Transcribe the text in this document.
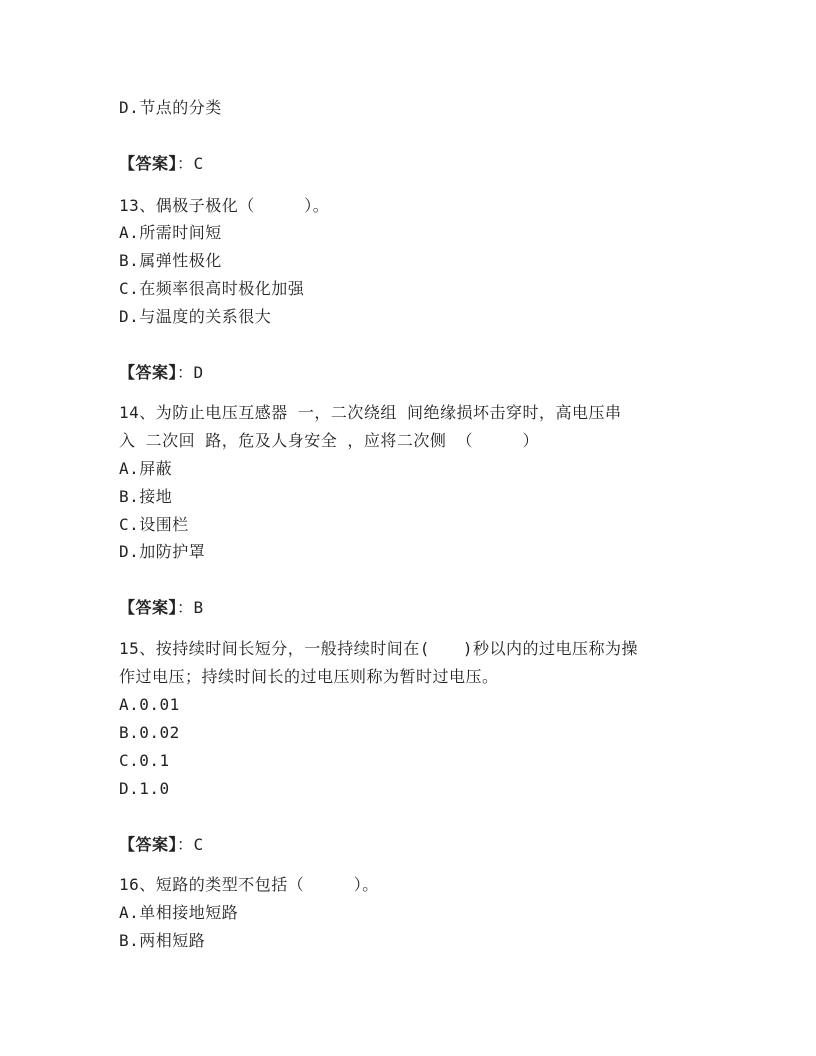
D.节点的分类
【答案】：C
13、偶极子极化（　　　）。
A.所需时间短
B.属弹性极化
C.在频率很高时极化加强
D.与温度的关系很大
【答案】：D
14、为防止电压互感器 一，二次绕组 间绝缘损坏击穿时，高电压串
入 二次回 路，危及人身安全 ，应将二次侧 （　　　）
A.屏蔽
B.接地
C.设围栏
D.加防护罩
【答案】：B
15、按持续时间长短分，一般持续时间在(　　)秒以内的过电压称为操
作过电压；持续时间长的过电压则称为暂时过电压。
A.0.01
B.0.02
C.0.1
D.1.0
【答案】：C
16、短路的类型不包括（　　　）。
A.单相接地短路
B.两相短路
